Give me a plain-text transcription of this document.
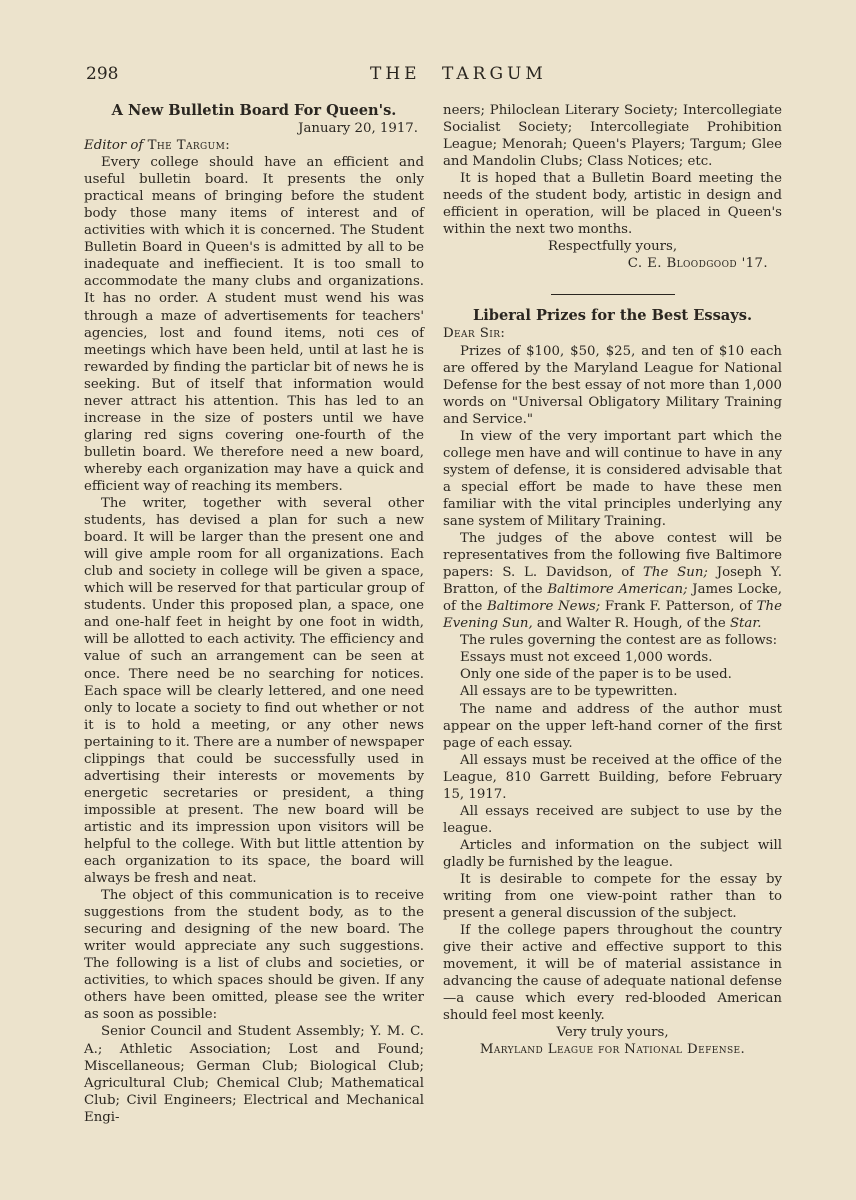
298	THE TARGUM
A New Bulletin Board For Queen's.

January 20, 1917.

Editor of The Targum:

Every college should have an efficient and useful bulletin board. It presents the only practical means of bringing before the student body those many items of interest and of activities with which it is concerned. The Student Bulletin Board in Queen's is admitted by all to be inadequate and ineffiecient. It is too small to accommodate the many clubs and organizations. It has no order. A student must wend his was through a maze of advertisements for teachers' agencies, lost and found items, noti ces of meetings which have been held, until at last he is rewarded by finding the particlar bit of news he is seeking. But of itself that information would never attract his attention. This has led to an increase in the size of posters until we have glaring red signs covering one-fourth of the bulletin board. We therefore need a new board, whereby each organization may have a quick and efficient way of reaching its members.

The writer, together with several other students, has devised a plan for such a new board. It will be larger than the present one and will give ample room for all organizations. Each club and society in college will be given a space, which will be reserved for that particular group of students. Under this proposed plan, a space, one and one-half feet in height by one foot in width, will be allotted to each activity. The efficiency and value of such an arrangement can be seen at once. There need be no searching for notices. Each space will be clearly lettered, and one need only to locate a society to find out whether or not it is to hold a meeting, or any other news pertaining to it. There are a number of newspaper clippings that could be successfully used in advertising their interests or movements by energetic secretaries or president, a thing impossible at present. The new board will be artistic and its impression upon visitors will be helpful to the college. With but little attention by each organization to its space, the board will always be fresh and neat.

The object of this communication is to receive suggestions from the student body, as to the securing and designing of the new board. The writer would appreciate any such suggestions. The following is a list of clubs and societies, or activities, to which spaces should be given. If any others have been omitted, please see the writer as soon as possible:

Senior Council and Student Assembly; Y. M. C. A.; Athletic Association; Lost and Found; Miscellaneous; German Club; Biological Club; Agricultural Club; Chemical Club; Mathematical Club; Civil Engineers; Electrical and Mechanical Engi-

neers; Philoclean Literary Society; Intercollegiate Socialist Society; Intercollegiate Prohibition League; Menorah; Queen's Players; Targum; Glee and Mandolin Clubs; Class Notices; etc.

It is hoped that a Bulletin Board meeting the needs of the student body, artistic in design and efficient in operation, will be placed in Queen's within the next two months.

Respectfully yours,

C. E. Bloodgood '17.

Liberal Prizes for the Best Essays.

Dear Sir:

Prizes of $100, $50, $25, and ten of $10 each are offered by the Maryland League for National Defense for the best essay of not more than 1,000 words on "Universal Obligatory Military Training and Service."

In view of the very important part which the college men have and will continue to have in any system of defense, it is considered advisable that a special effort be made to have these men familiar with the vital principles underlying any sane system of Military Training.

The judges of the above contest will be representatives from the following five Baltimore papers: S. L. Davidson, of The Sun; Joseph Y. Bratton, of the Baltimore American; James Locke, of the Baltimore News; Frank F. Patterson, of The Evening Sun, and Walter R. Hough, of the Star.

The rules governing the contest are as follows:

Essays must not exceed 1,000 words.

Only one side of the paper is to be used.

All essays are to be typewritten.

The name and address of the author must appear on the upper left-hand corner of the first page of each essay.

All essays must be received at the office of the League, 810 Garrett Building, before February 15, 1917.

All essays received are subject to use by the league.

Articles and information on the subject will gladly be furnished by the league.

It is desirable to compete for the essay by writing from one view-point rather than to present a general discussion of the subject.

If the college papers throughout the country give their active and effective support to this movement, it will be of material assistance in advancing the cause of adequate national defense—a cause which every red-blooded American should feel most keenly.

Very truly yours,

Maryland League for National Defense.
